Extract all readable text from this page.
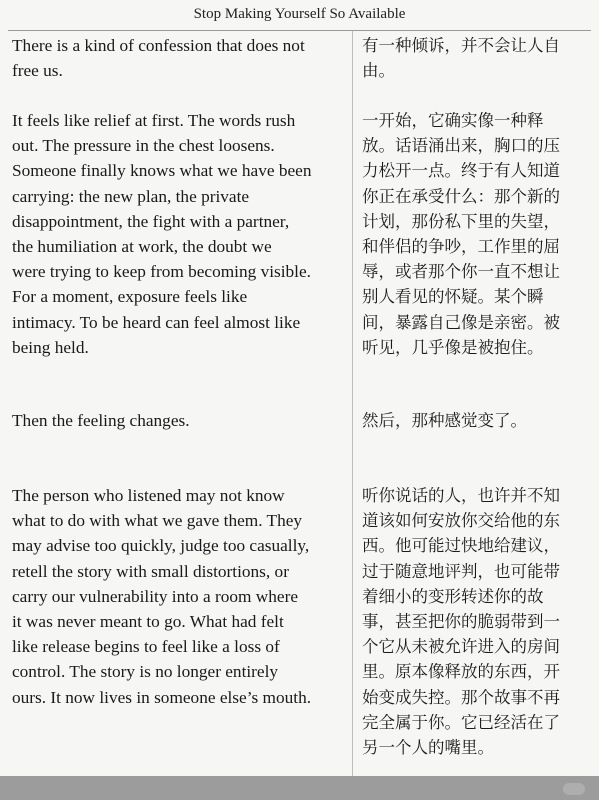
Stop Making Yourself So Available
There is a kind of confession that does not
free us.
有一种倾诉，并不会让人自
由。
It feels like relief at first. The words rush
out. The pressure in the chest loosens.
Someone finally knows what we have been
carrying: the new plan, the private
disappointment, the fight with a partner,
the humiliation at work, the doubt we
were trying to keep from becoming visible.
For a moment, exposure feels like
intimacy. To be heard can feel almost like
being held.
一开始，它确实像一种释
放。话语涌出来，胸口的压
力松开一点。终于有人知道
你正在承受什么：那个新的
计划，那份私下里的失望，
和伴侣的争吵，工作里的屈
辱，或者那个你一直不想让
别人看见的怀疑。某个瞬
间，暴露自己像是亲密。被
听见，几乎像是被抱住。
Then the feeling changes.	然后，那种感觉变了。
The person who listened may not know
what to do with what we gave them. They
may advise too quickly, judge too casually,
retell the story with small distortions, or
carry our vulnerability into a room where
it was never meant to go. What had felt
like release begins to feel like a loss of
control. The story is no longer entirely
ours. It now lives in someone else’s mouth.
听你说话的人，也许并不知
道该如何安放你交给他的东
西。他可能过快地给建议，
过于随意地评判，也可能带
着细小的变形转述你的故
事，甚至把你的脆弱带到一
个它从未被允许进入的房间
里。原本像释放的东西，开
始变成失控。那个故事不再
完全属于你。它已经活在了
另一个人的嘴里。
